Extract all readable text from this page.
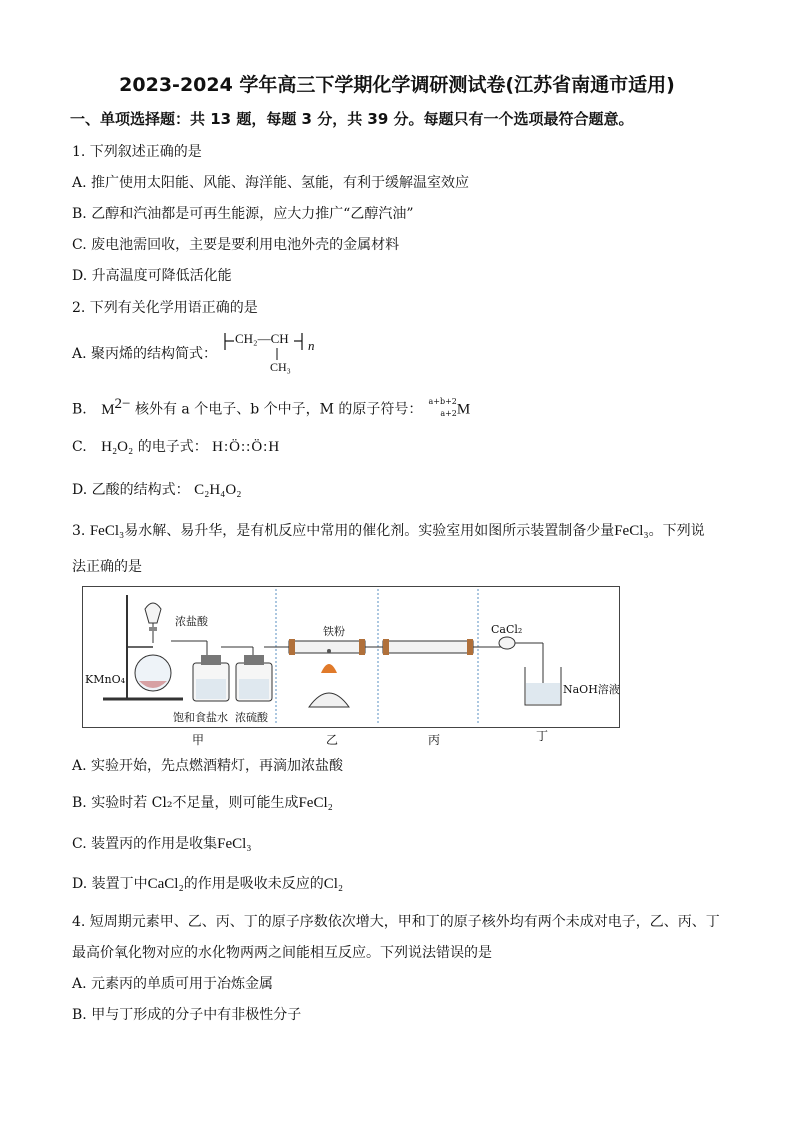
2023-2024 学年高三下学期化学调研测试卷(江苏省南通市适用)
一、单项选择题：共 13 题，每题 3 分，共 39 分。每题只有一个选项最符合题意。
1. 下列叙述正确的是
A. 推广使用太阳能、风能、海洋能、氢能，有利于缓解温室效应
B. 乙醇和汽油都是可再生能源，应大力推广“乙醇汽油”
C. 废电池需回收，主要是要利用电池外壳的金属材料
D. 升高温度可降低活化能
2. 下列有关化学用语正确的是
A. 聚丙烯的结构简式：
CH₂—CH n
CH₃
B. $M^{2-}$ 核外有 a 个电子、b 个中子，M 的原子符号：
a+b+2
a+2 M
C. H₂O₂ 的电子式： H:Ö::Ö:H
D. 乙酸的结构式： C₂H₄O₂
3. FeCl₃易水解、易升华，是有机反应中常用的催化剂。实验室用如图所示装置制备少量FeCl₃。下列说
法正确的是
浓盐酸
KMnO₄
铁粉	CaCl₂
NaOH溶液
饱和食盐水 浓硫酸
甲	乙	丙	丁
A. 实验开始，先点燃酒精灯，再滴加浓盐酸
B. 实验时若 Cl₂不足量，则可能生成FeCl₂
C. 装置丙的作用是收集FeCl₃
D. 装置丁中CaCl₂的作用是吸收未反应的Cl₂
4. 短周期元素甲、乙、丙、丁的原子序数依次增大，甲和丁的原子核外均有两个未成对电子，乙、丙、丁
最高价氧化物对应的水化物两两之间能相互反应。下列说法错误的是
A. 元素丙的单质可用于冶炼金属
B. 甲与丁形成的分子中有非极性分子
